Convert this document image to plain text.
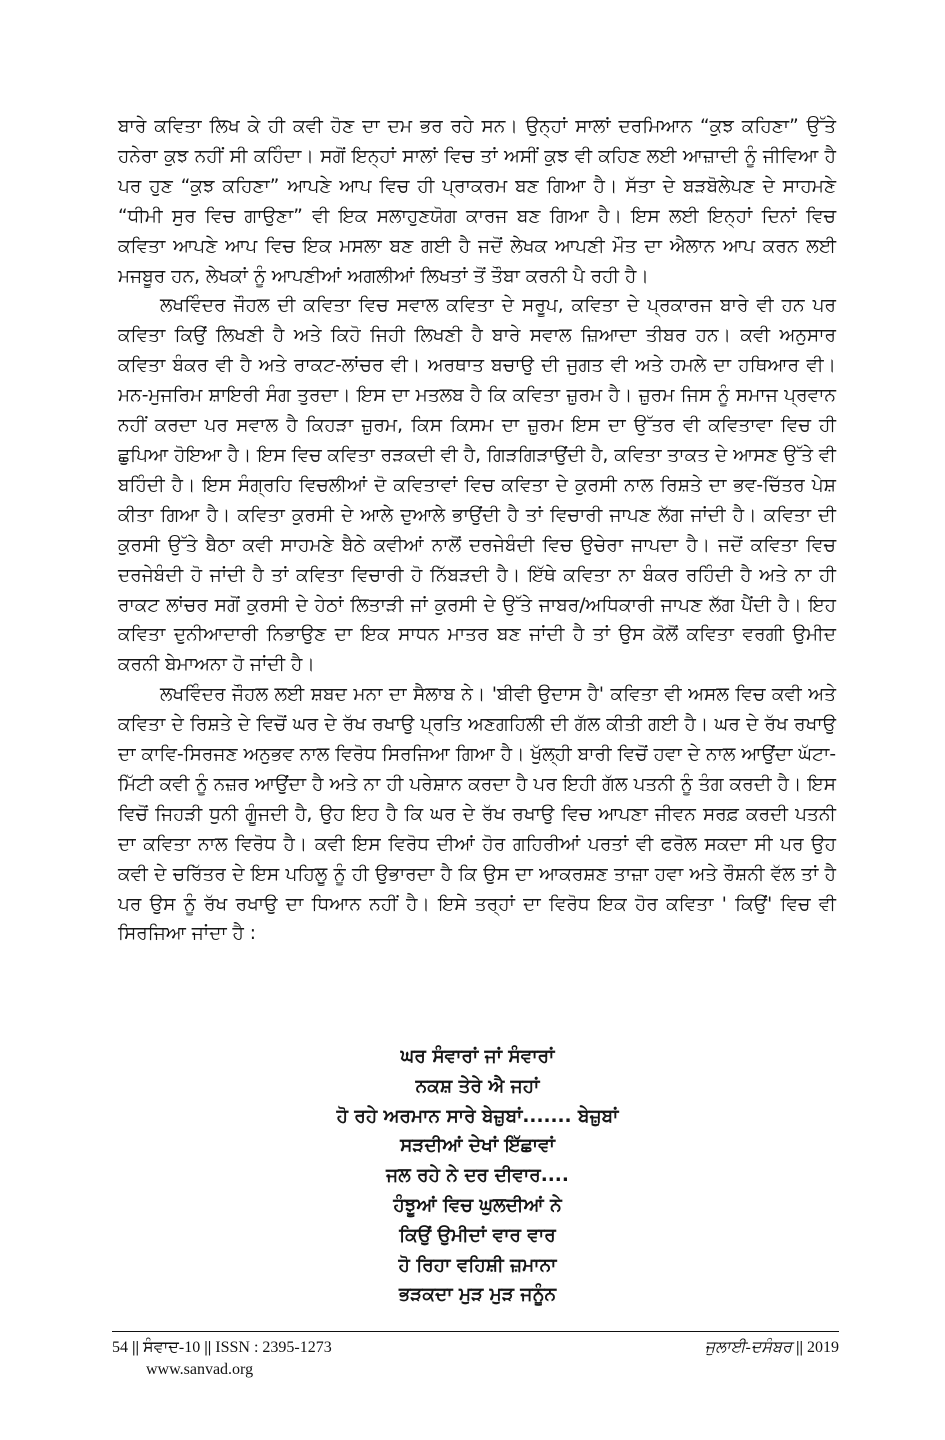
ਬਾਰੇ ਕਵਿਤਾ ਲਿਖ ਕੇ ਹੀ ਕਵੀ ਹੋਣ ਦਾ ਦਮ ਭਰ ਰਹੇ ਸਨ। ਉਨ੍ਹਾਂ ਸਾਲਾਂ ਦਰਮਿਆਨ “ਕੁਝ ਕਹਿਣਾ” ਉੱਤੇ ਹਨੇਰਾ ਕੁਝ ਨਹੀਂ ਸੀ ਕਹਿੰਦਾ। ਸਗੋਂ ਇਨ੍ਹਾਂ ਸਾਲਾਂ ਵਿਚ ਤਾਂ ਅਸੀਂ ਕੁਝ ਵੀ ਕਹਿਣ ਲਈ ਆਜ਼ਾਦੀ ਨੂੰ ਜੀਵਿਆ ਹੈ ਪਰ ਹੁਣ “ਕੁਝ ਕਹਿਣਾ” ਆਪਣੇ ਆਪ ਵਿਚ ਹੀ ਪ੍ਰਾਕਰਮ ਬਣ ਗਿਆ ਹੈ। ਸੱਤਾ ਦੇ ਬੜਬੋਲੇਪਣ ਦੇ ਸਾਹਮਣੇ “ਧੀਮੀ ਸੁਰ ਵਿਚ ਗਾਉਣਾ” ਵੀ ਇਕ ਸਲਾਹੁਣਯੋਗ ਕਾਰਜ ਬਣ ਗਿਆ ਹੈ। ਇਸ ਲਈ ਇਨ੍ਹਾਂ ਦਿਨਾਂ ਵਿਚ ਕਵਿਤਾ ਆਪਣੇ ਆਪ ਵਿਚ ਇਕ ਮਸਲਾ ਬਣ ਗਈ ਹੈ ਜਦੋਂ ਲੇਖਕ ਆਪਣੀ ਮੌਤ ਦਾ ਐਲਾਨ ਆਪ ਕਰਨ ਲਈ ਮਜਬੂਰ ਹਨ, ਲੇਖਕਾਂ ਨੂੰ ਆਪਣੀਆਂ ਅਗਲੀਆਂ ਲਿਖਤਾਂ ਤੋਂ ਤੌਬਾ ਕਰਨੀ ਪੈ ਰਹੀ ਹੈ।

ਲਖਵਿੰਦਰ ਜੌਹਲ ਦੀ ਕਵਿਤਾ ਵਿਚ ਸਵਾਲ ਕਵਿਤਾ ਦੇ ਸਰੂਪ, ਕਵਿਤਾ ਦੇ ਪ੍ਰਕਾਰਜ ਬਾਰੇ ਵੀ ਹਨ ਪਰ ਕਵਿਤਾ ਕਿਉਂ ਲਿਖਣੀ ਹੈ ਅਤੇ ਕਿਹੋ ਜਿਹੀ ਲਿਖਣੀ ਹੈ ਬਾਰੇ ਸਵਾਲ ਜ਼ਿਆਦਾ ਤੀਬਰ ਹਨ। ਕਵੀ ਅਨੁਸਾਰ ਕਵਿਤਾ ਬੰਕਰ ਵੀ ਹੈ ਅਤੇ ਰਾਕਟ-ਲਾਂਚਰ ਵੀ। ਅਰਥਾਤ ਬਚਾਉ ਦੀ ਜੁਗਤ ਵੀ ਅਤੇ ਹਮਲੇ ਦਾ ਹਥਿਆਰ ਵੀ। ਮਨ-ਮੁਜਰਿਮ ਸ਼ਾਇਰੀ ਸੰਗ ਤੁਰਦਾ। ਇਸ ਦਾ ਮਤਲਬ ਹੈ ਕਿ ਕਵਿਤਾ ਜ਼ੁਰਮ ਹੈ। ਜ਼ੁਰਮ ਜਿਸ ਨੂੰ ਸਮਾਜ ਪ੍ਰਵਾਨ ਨਹੀਂ ਕਰਦਾ ਪਰ ਸਵਾਲ ਹੈ ਕਿਹੜਾ ਜ਼ੁਰਮ, ਕਿਸ ਕਿਸਮ ਦਾ ਜ਼ੁਰਮ ਇਸ ਦਾ ਉੱਤਰ ਵੀ ਕਵਿਤਾਵਾ ਵਿਚ ਹੀ ਛੁਪਿਆ ਹੋਇਆ ਹੈ। ਇਸ ਵਿਚ ਕਵਿਤਾ ਰੜਕਦੀ ਵੀ ਹੈ, ਗਿੜਗਿੜਾਉਂਦੀ ਹੈ, ਕਵਿਤਾ ਤਾਕਤ ਦੇ ਆਸਣ ਉੱਤੇ ਵੀ ਬਹਿੰਦੀ ਹੈ। ਇਸ ਸੰਗ੍ਰਹਿ ਵਿਚਲੀਆਂ ਦੋ ਕਵਿਤਾਵਾਂ ਵਿਚ ਕਵਿਤਾ ਦੇ ਕੁਰਸੀ ਨਾਲ ਰਿਸ਼ਤੇ ਦਾ ਭਵ-ਚਿੱਤਰ ਪੇਸ਼ ਕੀਤਾ ਗਿਆ ਹੈ। ਕਵਿਤਾ ਕੁਰਸੀ ਦੇ ਆਲੇ ਦੁਆਲੇ ਭਾਉਂਦੀ ਹੈ ਤਾਂ ਵਿਚਾਰੀ ਜਾਪਣ ਲੱਗ ਜਾਂਦੀ ਹੈ। ਕਵਿਤਾ ਦੀ ਕੁਰਸੀ ਉੱਤੇ ਬੈਠਾ ਕਵੀ ਸਾਹਮਣੇ ਬੈਠੇ ਕਵੀਆਂ ਨਾਲੋਂ ਦਰਜੇਬੰਦੀ ਵਿਚ ਉਚੇਰਾ ਜਾਪਦਾ ਹੈ। ਜਦੋਂ ਕਵਿਤਾ ਵਿਚ ਦਰਜੇਬੰਦੀ ਹੋ ਜਾਂਦੀ ਹੈ ਤਾਂ ਕਵਿਤਾ ਵਿਚਾਰੀ ਹੋ ਨਿੱਬੜਦੀ ਹੈ। ਇੱਥੇ ਕਵਿਤਾ ਨਾ ਬੰਕਰ ਰਹਿੰਦੀ ਹੈ ਅਤੇ ਨਾ ਹੀ ਰਾਕਟ ਲਾਂਚਰ ਸਗੋਂ ਕੁਰਸੀ ਦੇ ਹੇਠਾਂ ਲਿਤਾੜੀ ਜਾਂ ਕੁਰਸੀ ਦੇ ਉੱਤੇ ਜਾਬਰ/ਅਧਿਕਾਰੀ ਜਾਪਣ ਲੱਗ ਪੈਂਦੀ ਹੈ। ਇਹ ਕਵਿਤਾ ਦੁਨੀਆਦਾਰੀ ਨਿਭਾਉਣ ਦਾ ਇਕ ਸਾਧਨ ਮਾਤਰ ਬਣ ਜਾਂਦੀ ਹੈ ਤਾਂ ਉਸ ਕੋਲੋਂ ਕਵਿਤਾ ਵਰਗੀ ਉਮੀਦ ਕਰਨੀ ਬੇਮਾਅਨਾ ਹੋ ਜਾਂਦੀ ਹੈ।

ਲਖਵਿੰਦਰ ਜੌਹਲ ਲਈ ਸ਼ਬਦ ਮਨਾ ਦਾ ਸੈਲਾਬ ਨੇ। 'ਬੀਵੀ ਉਦਾਸ ਹੈ' ਕਵਿਤਾ ਵੀ ਅਸਲ ਵਿਚ ਕਵੀ ਅਤੇ ਕਵਿਤਾ ਦੇ ਰਿਸ਼ਤੇ ਦੇ ਵਿਚੋਂ ਘਰ ਦੇ ਰੱਖ ਰਖਾਉ ਪ੍ਰਤਿ ਅਣਗਹਿਲੀ ਦੀ ਗੱਲ ਕੀਤੀ ਗਈ ਹੈ। ਘਰ ਦੇ ਰੱਖ ਰਖਾਉ ਦਾ ਕਾਵਿ-ਸਿਰਜਣ ਅਨੁਭਵ ਨਾਲ ਵਿਰੋਧ ਸਿਰਜਿਆ ਗਿਆ ਹੈ। ਖੁੱਲ੍ਹੀ ਬਾਰੀ ਵਿਚੋਂ ਹਵਾ ਦੇ ਨਾਲ ਆਉਂਦਾ ਘੱਟਾ-ਮਿੱਟੀ ਕਵੀ ਨੂੰ ਨਜ਼ਰ ਆਉਂਦਾ ਹੈ ਅਤੇ ਨਾ ਹੀ ਪਰੇਸ਼ਾਨ ਕਰਦਾ ਹੈ ਪਰ ਇਹੀ ਗੱਲ ਪਤਨੀ ਨੂੰ ਤੰਗ ਕਰਦੀ ਹੈ। ਇਸ ਵਿਚੋਂ ਜਿਹੜੀ ਧੁਨੀ ਗੂੰਜਦੀ ਹੈ, ਉਹ ਇਹ ਹੈ ਕਿ ਘਰ ਦੇ ਰੱਖ ਰਖਾਉ ਵਿਚ ਆਪਣਾ ਜੀਵਨ ਸਰਫ਼ ਕਰਦੀ ਪਤਨੀ ਦਾ ਕਵਿਤਾ ਨਾਲ ਵਿਰੋਧ ਹੈ। ਕਵੀ ਇਸ ਵਿਰੋਧ ਦੀਆਂ ਹੋਰ ਗਹਿਰੀਆਂ ਪਰਤਾਂ ਵੀ ਫਰੋਲ ਸਕਦਾ ਸੀ ਪਰ ਉਹ ਕਵੀ ਦੇ ਚਰਿੱਤਰ ਦੇ ਇਸ ਪਹਿਲੂ ਨੂੰ ਹੀ ਉਭਾਰਦਾ ਹੈ ਕਿ ਉਸ ਦਾ ਆਕਰਸ਼ਣ ਤਾਜ਼ਾ ਹਵਾ ਅਤੇ ਰੌਸ਼ਨੀ ਵੱਲ ਤਾਂ ਹੈ ਪਰ ਉਸ ਨੂੰ ਰੱਖ ਰਖਾਉ ਦਾ ਧਿਆਨ ਨਹੀਂ ਹੈ। ਇਸੇ ਤਰ੍ਹਾਂ ਦਾ ਵਿਰੋਧ ਇਕ ਹੋਰ ਕਵਿਤਾ ' ਕਿਉਂ' ਵਿਚ ਵੀ ਸਿਰਜਿਆ ਜਾਂਦਾ ਹੈ :

ਘਰ ਸੰਵਾਰਾਂ ਜਾਂ ਸੰਵਾਰਾਂ
ਨਕਸ਼ ਤੇਰੇ ਐ ਜਹਾਂ
ਹੋ ਰਹੇ ਅਰਮਾਨ ਸਾਰੇ ਬੇਜ਼ੁਬਾਂ....... ਬੇਜ਼ੁਬਾਂ
ਸੜਦੀਆਂ ਦੇਖਾਂ ਇੱਛਾਵਾਂ
ਜਲ ਰਹੇ ਨੇ ਦਰ ਦੀਵਾਰ....
ਹੰਝੂਆਂ ਵਿਚ ਘੁਲਦੀਆਂ ਨੇ
ਕਿਉਂ ਉਮੀਦਾਂ ਵਾਰ ਵਾਰ
ਹੋ ਰਿਹਾ ਵਹਿਸ਼ੀ ਜ਼ਮਾਨਾ
ਭੜਕਦਾ ਮੁੜ ਮੁੜ ਜਨੂੰਨ
54 || ਸੰਵਾਦ-10 || ISSN : 2395-1273	ਜੁਲਾਈ-ਦਸੰਬਰ || 2019
www.sanvad.org
